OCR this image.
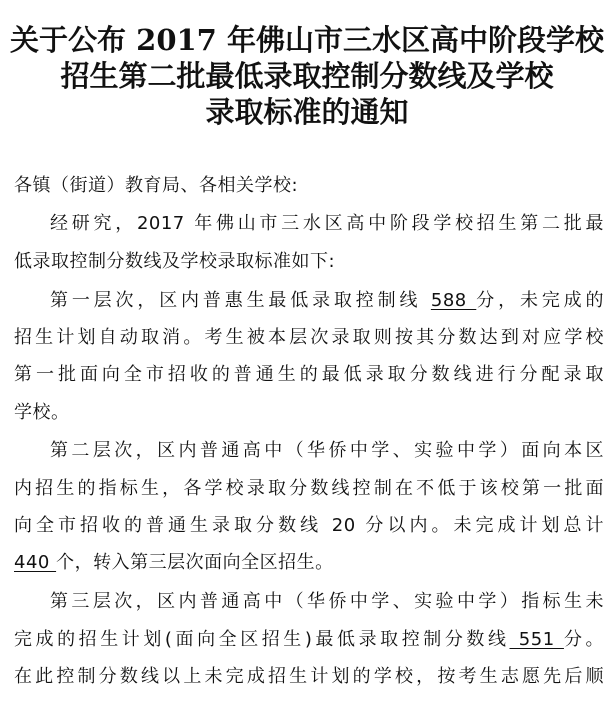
关于公布 2017 年佛山市三水区高中阶段学校
招生第二批最低录取控制分数线及学校
录取标准的通知
各镇（街道）教育局、各相关学校:
经研究，2017 年佛山市三水区高中阶段学校招生第二批最
低录取控制分数线及学校录取标准如下:
第一层次，区内普惠生最低录取控制线 588 分，未完成的
招生计划自动取消。考生被本层次录取则按其分数达到对应学校
第一批面向全市招收的普通生的最低录取分数线进行分配录取
学校。
第二层次，区内普通高中（华侨中学、实验中学）面向本区
内招生的指标生，各学校录取分数线控制在不低于该校第一批面
向全市招收的普通生录取分数线 20 分以内。未完成计划总计
440 个，转入第三层次面向全区招生。
第三层次，区内普通高中（华侨中学、实验中学）指标生未
完成的招生计划(面向全区招生)最低录取控制分数线 551 分。
在此控制分数线以上未完成招生计划的学校，按考生志愿先后顺
